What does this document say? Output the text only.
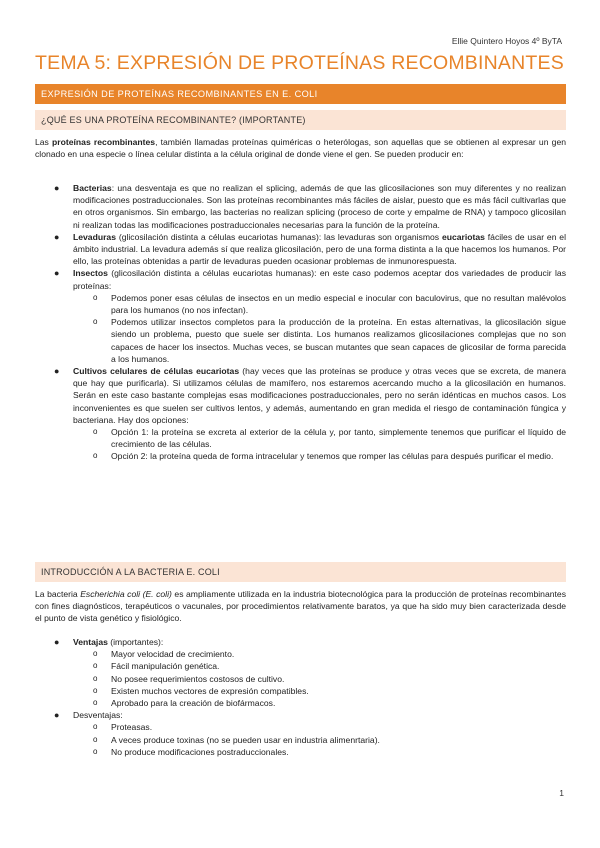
Ellie Quintero Hoyos 4º ByTA
TEMA 5: EXPRESIÓN DE PROTEÍNAS RECOMBINANTES
EXPRESIÓN DE PROTEÍNAS RECOMBINANTES EN E. COLI
¿QUÉ ES UNA PROTEÍNA RECOMBINANTE? (IMPORTANTE)
Las proteínas recombinantes, también llamadas proteínas quiméricas o heterólogas, son aquellas que se obtienen al expresar un gen clonado en una especie o línea celular distinta a la célula original de donde viene el gen. Se pueden producir en:
● Bacterias: una desventaja es que no realizan el splicing, además de que las glicosilaciones son muy diferentes y no realizan modificaciones postraduccionales. Son las proteínas recombinantes más fáciles de aislar, puesto que es más fácil cultivarlas que en otros organismos. Sin embargo, las bacterias no realizan splicing (proceso de corte y empalme de RNA) y tampoco glicosilan ni realizan todas las modificaciones postraduccionales necesarias para la función de la proteína.
● Levaduras (glicosilación distinta a células eucariotas humanas): las levaduras son organismos eucariotas fáciles de usar en el ámbito industrial. La levadura además sí que realiza glicosilación, pero de una forma distinta a la que hacemos los humanos. Por ello, las proteínas obtenidas a partir de levaduras pueden ocasionar problemas de inmunorespuesta.
● Insectos (glicosilación distinta a células eucariotas humanas): en este caso podemos aceptar dos variedades de producir las proteínas:
o Podemos poner esas células de insectos en un medio especial e inocular con baculovirus, que no resultan malévolos para los humanos (no nos infectan).
o Podemos utilizar insectos completos para la producción de la proteína. En estas alternativas, la glicosilación sigue siendo un problema, puesto que suele ser distinta. Los humanos realizamos glicosilaciones complejas que no son capaces de hacer los insectos. Muchas veces, se buscan mutantes que sean capaces de glicosilar de forma parecida a los humanos.
● Cultivos celulares de células eucariotas (hay veces que las proteínas se produce y otras veces que se excreta, de manera que hay que purificarla). Si utilizamos células de mamífero, nos estaremos acercando mucho a la glicosilación en humanos. Serán en este caso bastante complejas esas modificaciones postraduccionales, pero no serán idénticas en muchos casos. Los inconvenientes es que suelen ser cultivos lentos, y además, aumentando en gran medida el riesgo de contaminación fúngica y bacteriana. Hay dos opciones:
o Opción 1: la proteína se excreta al exterior de la célula y, por tanto, simplemente tenemos que purificar el líquido de crecimiento de las células.
o Opción 2: la proteína queda de forma intracelular y tenemos que romper las células para después purificar el medio.
INTRODUCCIÓN A LA BACTERIA E. COLI
La bacteria Escherichia coli (E. coli) es ampliamente utilizada en la industria biotecnológica para la producción de proteínas recombinantes con fines diagnósticos, terapéuticos o vacunales, por procedimientos relativamente baratos, ya que ha sido muy bien caracterizada desde el punto de vista genético y fisiológico.
● Ventajas (importantes):
o Mayor velocidad de crecimiento.
o Fácil manipulación genética.
o No posee requerimientos costosos de cultivo.
o Existen muchos vectores de expresión compatibles.
o Aprobado para la creación de biofármacos.
● Desventajas:
o Proteasas.
o A veces produce toxinas (no se pueden usar en industria alimenrtaria).
o No produce modificaciones postraduccionales.
1
